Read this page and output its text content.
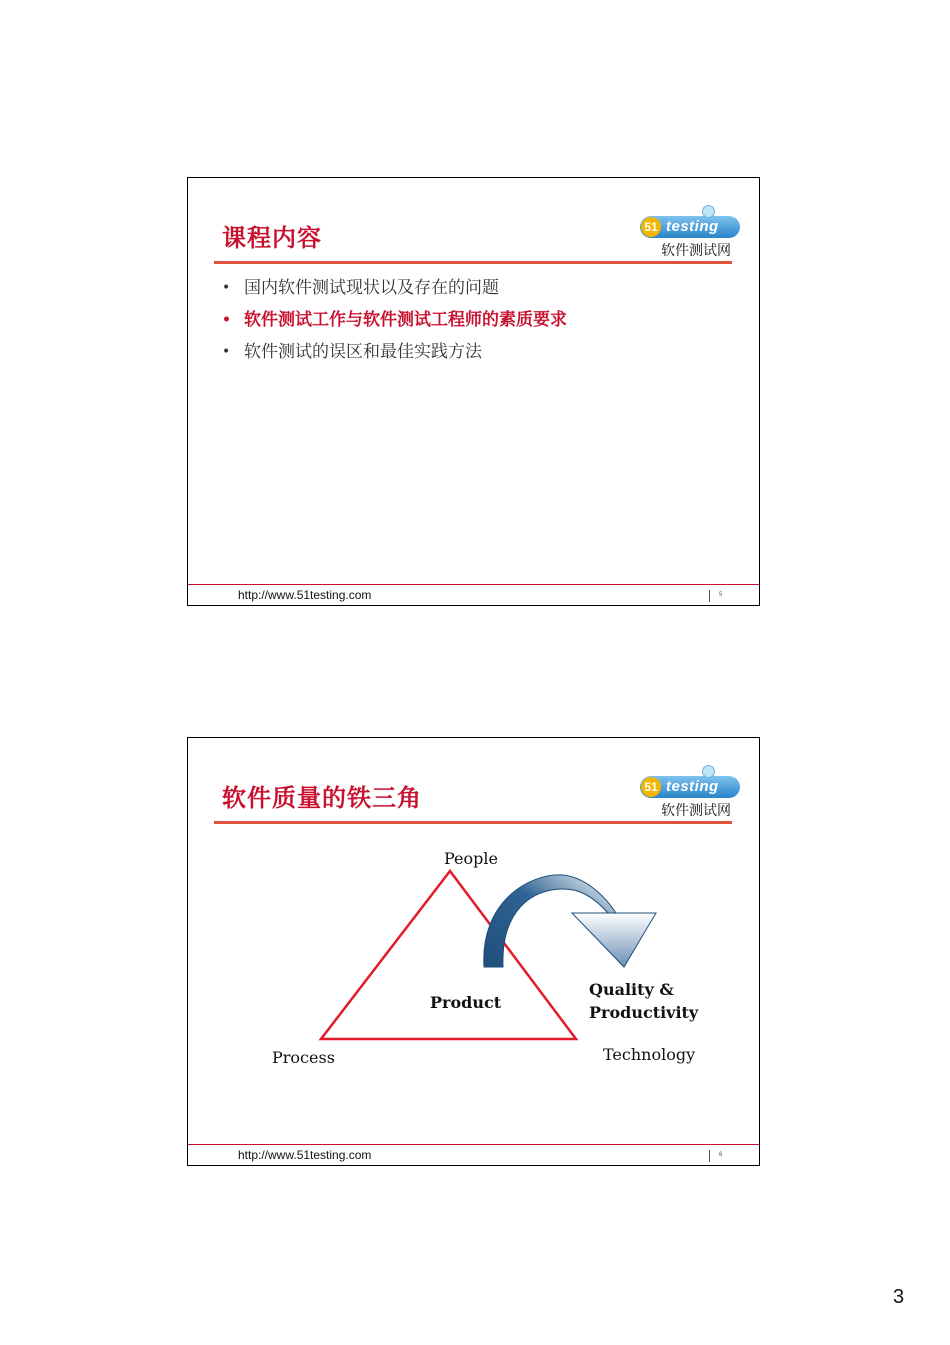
课程内容	51 testing
软件测试网
• 国内软件测试现状以及存在的问题
• 软件测试工作与软件测试工程师的素质要求
• 软件测试的误区和最佳实践方法
http://www.51testing.com	5
软件质量的铁三角	51 testing
软件测试网
People
Product
Process	Technology
Quality &
Productivity
http://www.51testing.com	6
3
